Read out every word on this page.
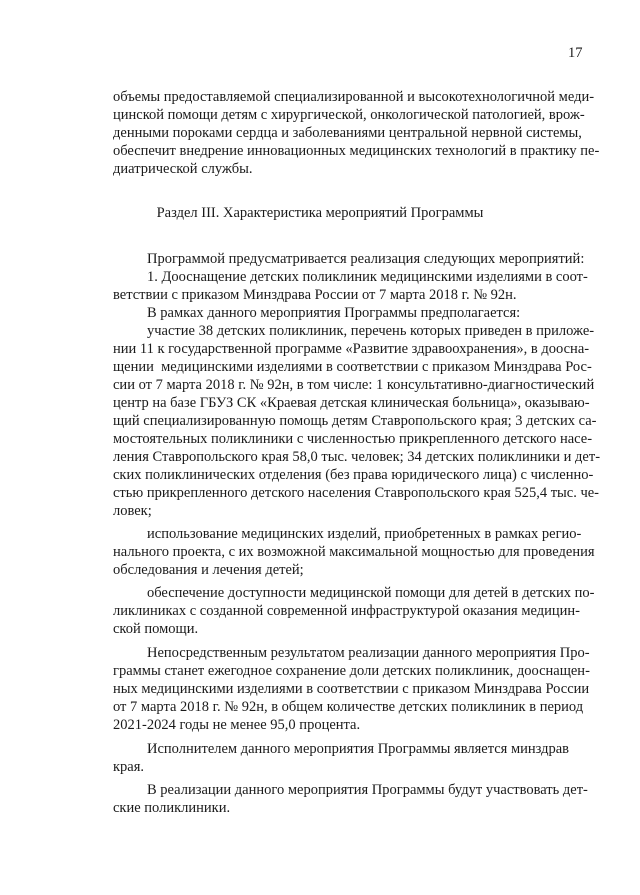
17
объемы предоставляемой специализированной и высокотехнологичной меди-
цинской помощи детям с хирургической, онкологической патологией, врож-
денными пороками сердца и заболеваниями центральной нервной системы,
обеспечит внедрение инновационных медицинских технологий в практику пе-
диатрической службы.
Раздел III. Характеристика мероприятий Программы
Программой предусматривается реализация следующих мероприятий:
1. Дооснащение детских поликлиник медицинскими изделиями в соот-
ветствии с приказом Минздрава России от 7 марта 2018 г. № 92н.
В рамках данного мероприятия Программы предполагается:
участие 38 детских поликлиник, перечень которых приведен в приложе-
нии 11 к государственной программе «Развитие здравоохранения», в дооснa-
щении  медицинскими изделиями в соответствии с приказом Минздрава Рос-
сии от 7 марта 2018 г. № 92н, в том числе: 1 консультативно-диагностический
центр на базе ГБУЗ СК «Краевая детская клиническая больница», оказываю-
щий специализированную помощь детям Ставропольского края; 3 детских са-
мостоятельных поликлиники с численностью прикрепленного детского насе-
ления Ставропольского края 58,0 тыс. человек; 34 детских поликлиники и дет-
ских поликлинических отделения (без права юридического лица) с численно-
стью прикрепленного детского населения Ставропольского края 525,4 тыс. че-
ловек;
использование медицинских изделий, приобретенных в рамках регио-
нального проекта, с их возможной максимальной мощностью для проведения
обследования и лечения детей;
обеспечение доступности медицинской помощи для детей в детских по-
ликлиниках с созданной современной инфраструктурой оказания медицин-
ской помощи.
Непосредственным результатом реализации данного мероприятия Про-
граммы станет ежегодное сохранение доли детских поликлиник, дооснащен-
ных медицинскими изделиями в соответствии с приказом Минздрава России
от 7 марта 2018 г. № 92н, в общем количестве детских поликлиник в период
2021-2024 годы не менее 95,0 процента.
Исполнителем данного мероприятия Программы является минздрав
края.
В реализации данного мероприятия Программы будут участвовать дет-
ские поликлиники.
